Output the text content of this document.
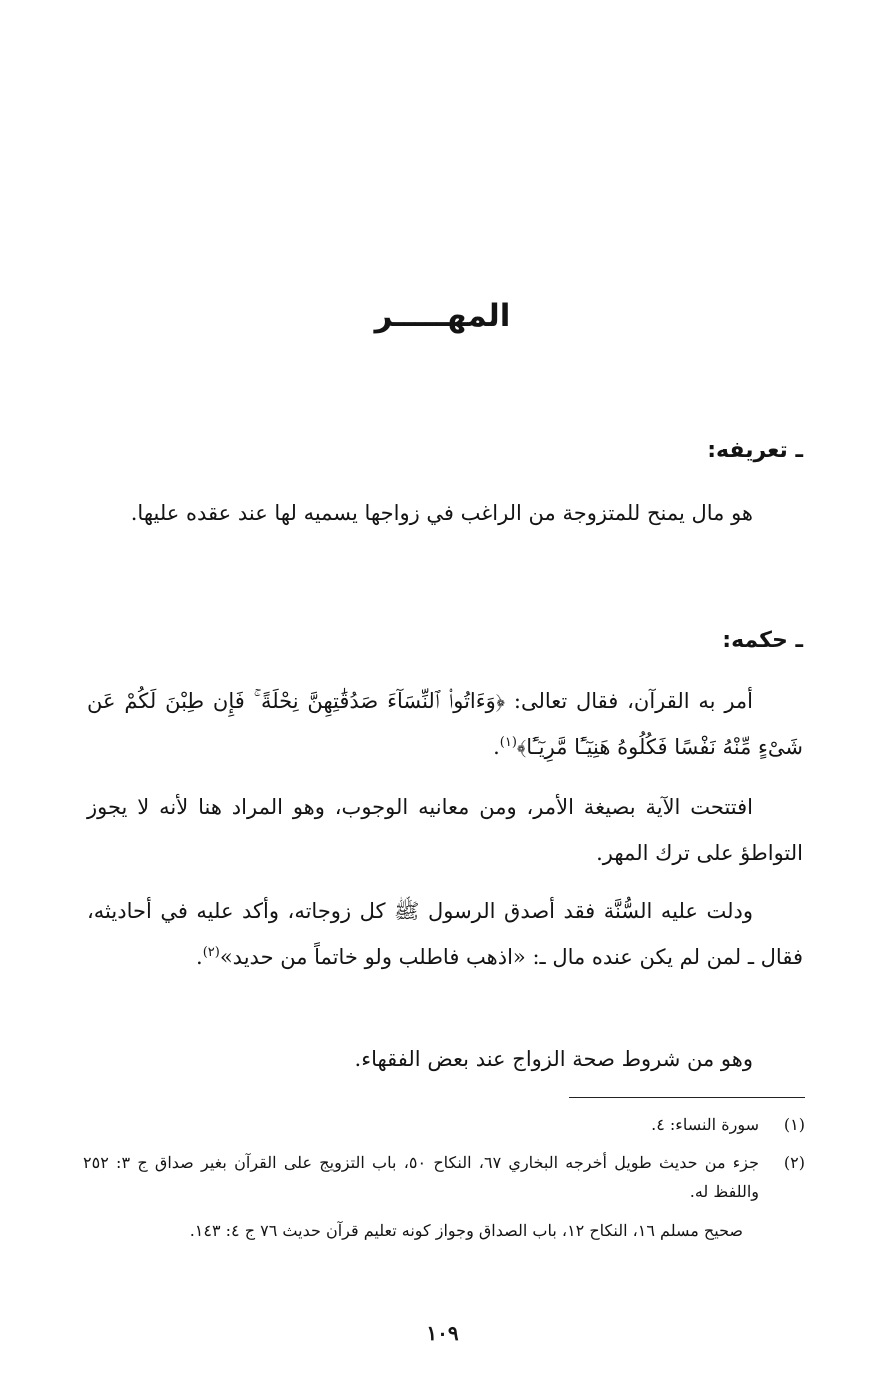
المهـــــر
ـ تعريفه:

هو مال يمنح للمتزوجة من الراغب في زواجها يسميه لها عند عقده عليها.

ـ حكمه:

أمر به القرآن، فقال تعالى: ﴿وَءَاتُوا۟ ٱلنِّسَآءَ صَدُقَٰتِهِنَّ نِحْلَةً ۚ فَإِن طِبْنَ لَكُمْ عَن شَىْءٍ مِّنْهُ نَفْسًا فَكُلُوهُ هَنِيٓـًٔا مَّرِيٓـًٔا﴾$^{(١)}$.

افتتحت الآية بصيغة الأمر، ومن معانيه الوجوب، وهو المراد هنا لأنه لا يجوز التواطؤ على ترك المهر.

ودلت عليه السُّنَّة فقد أصدق الرسول ﷺ كل زوجاته، وأكد عليه في أحاديثه، فقال ـ لمن لم يكن عنده مال ـ: «اذهب فاطلب ولو خاتماً من حديد»$^{(٢)}$.

وهو من شروط صحة الزواج عند بعض الفقهاء.

(١)
سورة النساء: ٤.
(٢)
جزء من حديث طويل أخرجه البخاري ٦٧، النكاح ٥٠، باب التزويج على القرآن بغير صداق ج ٣: ٢٥٢ واللفظ له.
صحيح مسلم ١٦، النكاح ١٢، باب الصداق وجواز كونه تعليم قرآن حديث ٧٦ ج ٤: ١٤٣.
١٠٩
